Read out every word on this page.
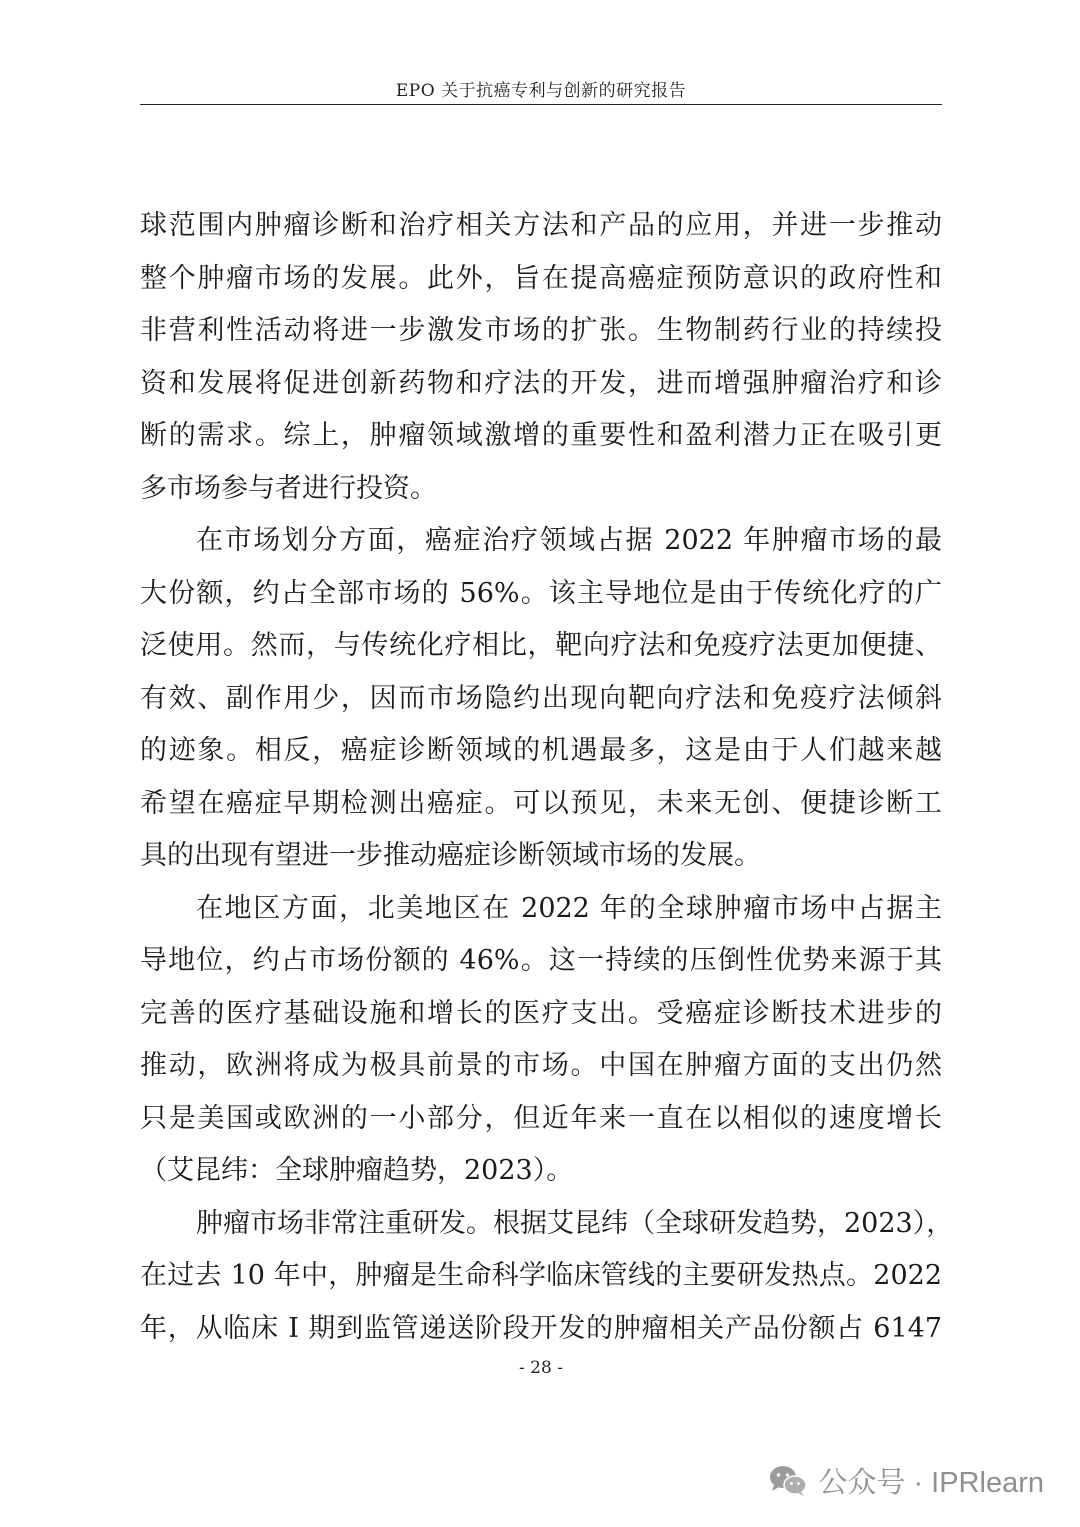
EPO 关于抗癌专利与创新的研究报告
球范围内肿瘤诊断和治疗相关方法和产品的应用，并进一步推动
整个肿瘤市场的发展。此外，旨在提高癌症预防意识的政府性和
非营利性活动将进一步激发市场的扩张。生物制药行业的持续投
资和发展将促进创新药物和疗法的开发，进而增强肿瘤治疗和诊
断的需求。综上，肿瘤领域激增的重要性和盈利潜力正在吸引更
多市场参与者进行投资。
在市场划分方面，癌症治疗领域占据 2022 年肿瘤市场的最
大份额，约占全部市场的 56%。该主导地位是由于传统化疗的广
泛使用。然而，与传统化疗相比，靶向疗法和免疫疗法更加便捷、
有效、副作用少，因而市场隐约出现向靶向疗法和免疫疗法倾斜
的迹象。相反，癌症诊断领域的机遇最多，这是由于人们越来越
希望在癌症早期检测出癌症。可以预见，未来无创、便捷诊断工
具的出现有望进一步推动癌症诊断领域市场的发展。
在地区方面，北美地区在 2022 年的全球肿瘤市场中占据主
导地位，约占市场份额的 46%。这一持续的压倒性优势来源于其
完善的医疗基础设施和增长的医疗支出。受癌症诊断技术进步的
推动，欧洲将成为极具前景的市场。中国在肿瘤方面的支出仍然
只是美国或欧洲的一小部分，但近年来一直在以相似的速度增长
（艾昆纬：全球肿瘤趋势，2023）。
肿瘤市场非常注重研发。根据艾昆纬（全球研发趋势，2023），
在过去 10 年中，肿瘤是生命科学临床管线的主要研发热点。2022
年，从临床 I 期到监管递送阶段开发的肿瘤相关产品份额占 6147
- 28 -
公众号 · IPRlearn
